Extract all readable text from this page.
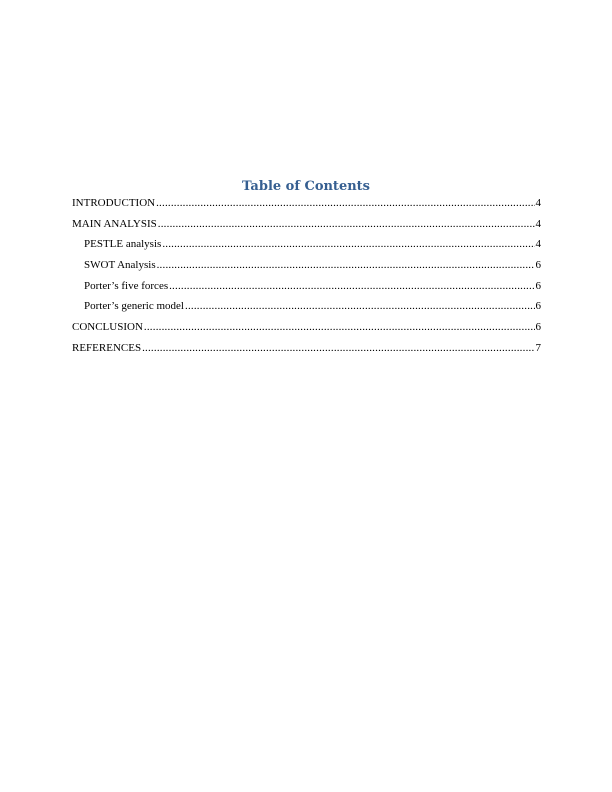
Table of Contents
INTRODUCTION .....	4
MAIN ANALYSIS .....	4
PESTLE analysis .....	4
SWOT Analysis .....	6
Porter’s five forces .....	6
Porter’s generic model .....	6
CONCLUSION .....	6
REFERENCES .....	7
